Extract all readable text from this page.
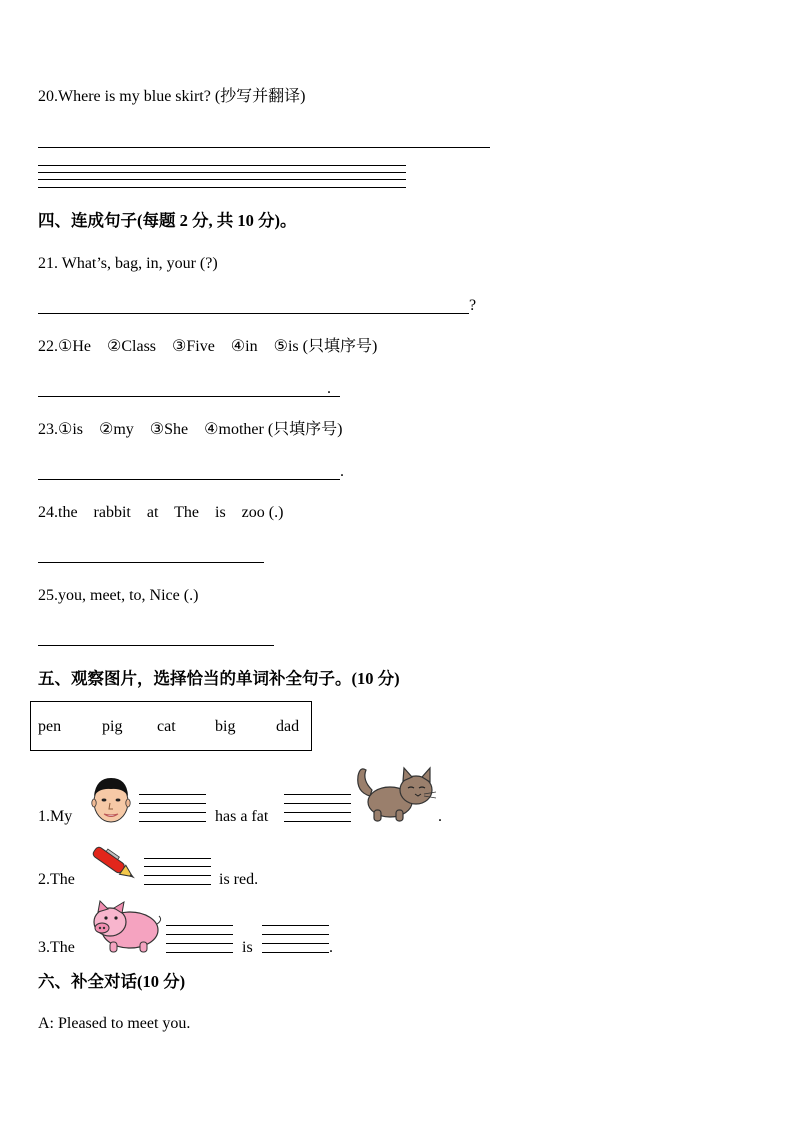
20.Where is my blue skirt? (抄写并翻译)
四、连成句子(每题 2 分, 共 10 分)。
21. What’s, bag, in, your (?)
?
22.①He    ②Class    ③Five    ④in    ⑤is (只填序号)
.
23.①is    ②my    ③She    ④mother (只填序号)
.
24.the    rabbit    at    The    is    zoo (.)
25.you, meet, to, Nice (.)
五、观察图片，选择恰当的单词补全句子。(10 分)
pen	pig cat big	dad
1.My	has a fat	.
2.The	is red.
3.The	is	.
六、补全对话(10 分)
A: Pleased to meet you.
